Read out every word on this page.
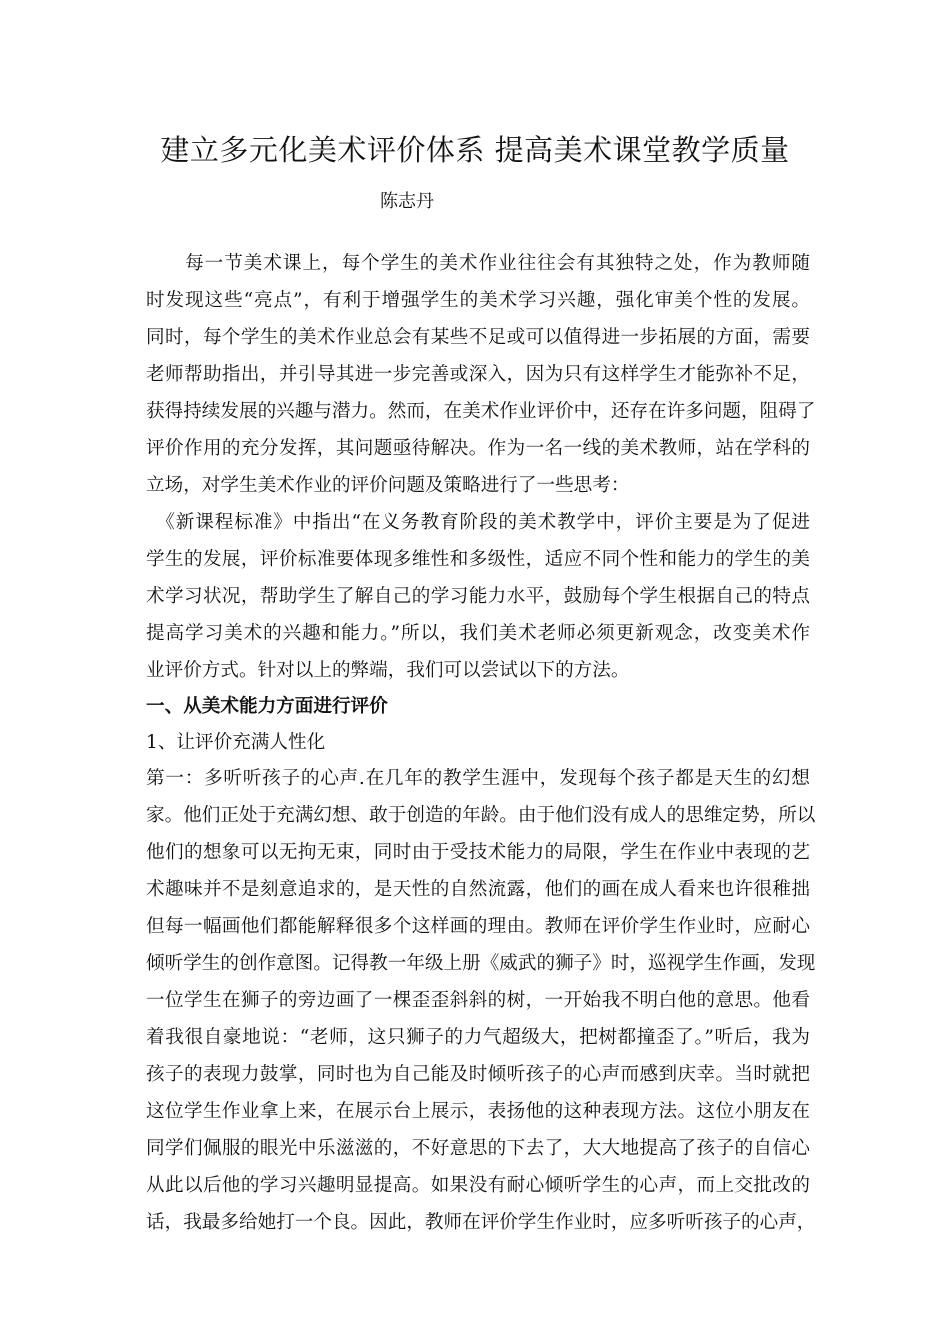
建立多元化美术评价体系 提高美术课堂教学质量
陈志丹
　　每一节美术课上，每个学生的美术作业往往会有其独特之处，作为教师随
时发现这些“亮点”，有利于增强学生的美术学习兴趣，强化审美个性的发展。
同时，每个学生的美术作业总会有某些不足或可以值得进一步拓展的方面，需要
老师帮助指出，并引导其进一步完善或深入，因为只有这样学生才能弥补不足，
获得持续发展的兴趣与潜力。然而，在美术作业评价中，还存在许多问题，阻碍了
评价作用的充分发挥，其问题亟待解决。作为一名一线的美术教师，站在学科的
立场，对学生美术作业的评价问题及策略进行了一些思考：
　《新课程标准》中指出“在义务教育阶段的美术教学中，评价主要是为了促进
学生的发展，评价标准要体现多维性和多级性，适应不同个性和能力的学生的美
术学习状况，帮助学生了解自己的学习能力水平，鼓励每个学生根据自己的特点
提高学习美术的兴趣和能力。”所以，我们美术老师必须更新观念，改变美术作
业评价方式。针对以上的弊端，我们可以尝试以下的方法。
一、从美术能力方面进行评价
1、让评价充满人性化
第一：多听听孩子的心声.在几年的教学生涯中，发现每个孩子都是天生的幻想
家。他们正处于充满幻想、敢于创造的年龄。由于他们没有成人的思维定势，所以
他们的想象可以无拘无束，同时由于受技术能力的局限，学生在作业中表现的艺
术趣味并不是刻意追求的，是天性的自然流露，他们的画在成人看来也许很稚拙
但每一幅画他们都能解释很多个这样画的理由。教师在评价学生作业时，应耐心
倾听学生的创作意图。记得教一年级上册《威武的狮子》时，巡视学生作画，发现
一位学生在狮子的旁边画了一棵歪歪斜斜的树，一开始我不明白他的意思。他看
着我很自豪地说：“老师，这只狮子的力气超级大，把树都撞歪了。”听后，我为
孩子的表现力鼓掌，同时也为自己能及时倾听孩子的心声而感到庆幸。当时就把
这位学生作业拿上来，在展示台上展示，表扬他的这种表现方法。这位小朋友在
同学们佩服的眼光中乐滋滋的，不好意思的下去了，大大地提高了孩子的自信心
从此以后他的学习兴趣明显提高。如果没有耐心倾听学生的心声，而上交批改的
话，我最多给她打一个良。因此，教师在评价学生作业时，应多听听孩子的心声，
